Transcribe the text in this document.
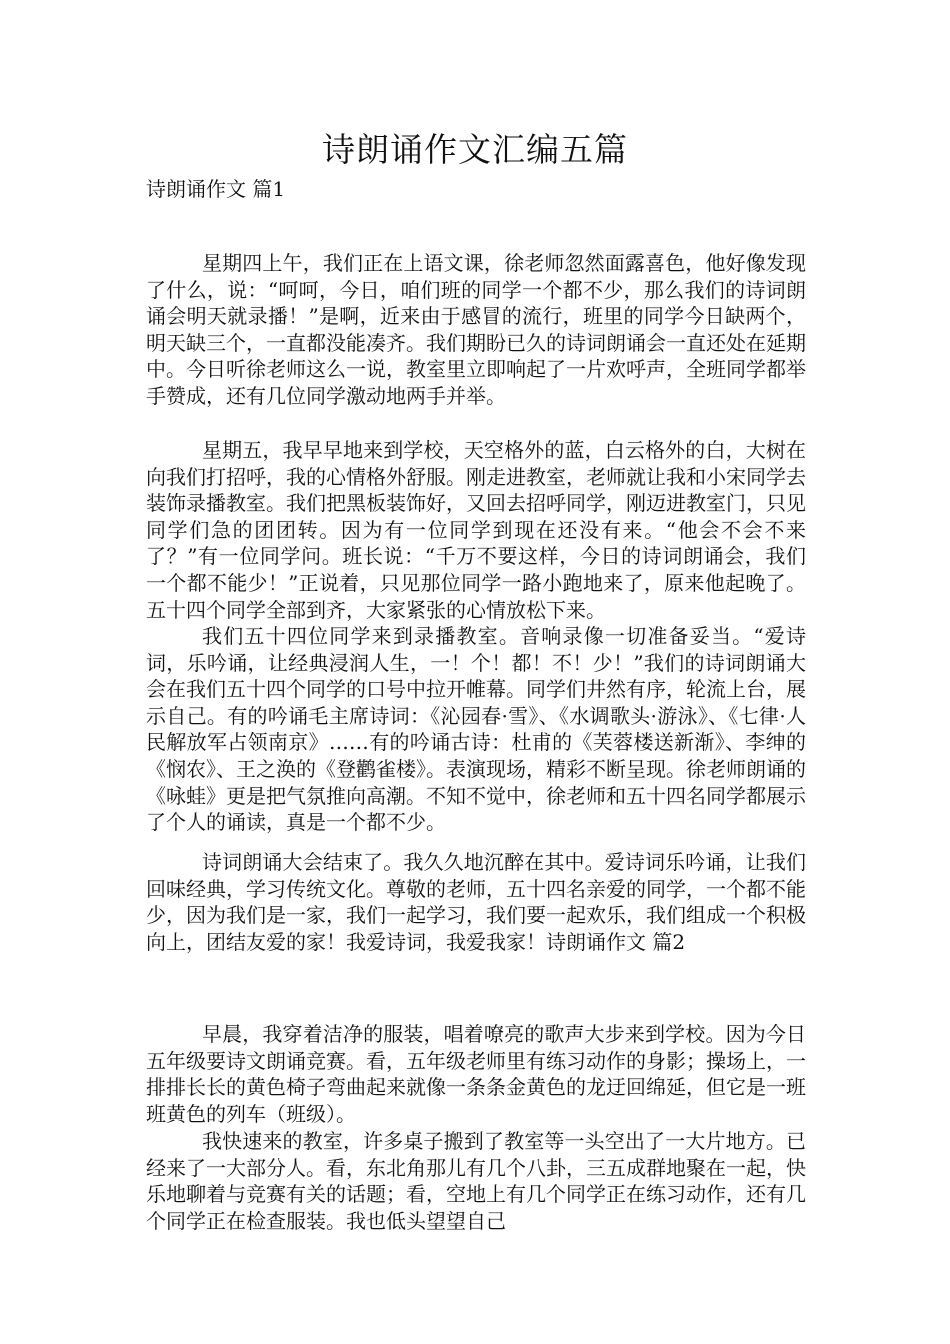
诗朗诵作文汇编五篇
诗朗诵作文 篇1

星期四上午，我们正在上语文课，徐老师忽然面露喜色，他好像发现了什么，说：“呵呵，今日，咱们班的同学一个都不少，那么我们的诗词朗诵会明天就录播！”是啊，近来由于感冒的流行，班里的同学今日缺两个，明天缺三个，一直都没能凑齐。我们期盼已久的诗词朗诵会一直还处在延期中。今日听徐老师这么一说，教室里立即响起了一片欢呼声，全班同学都举手赞成，还有几位同学激动地两手并举。

星期五，我早早地来到学校，天空格外的蓝，白云格外的白，大树在向我们打招呼，我的心情格外舒服。刚走进教室，老师就让我和小宋同学去装饰录播教室。我们把黑板装饰好，又回去招呼同学，刚迈进教室门，只见同学们急的团团转。因为有一位同学到现在还没有来。“他会不会不来了？”有一位同学问。班长说：“千万不要这样，今日的诗词朗诵会，我们一个都不能少！”正说着，只见那位同学一路小跑地来了，原来他起晚了。五十四个同学全部到齐，大家紧张的心情放松下来。

我们五十四位同学来到录播教室。音响录像一切准备妥当。“爱诗词，乐吟诵，让经典浸润人生，一！个！都！不！少！”我们的诗词朗诵大会在我们五十四个同学的口号中拉开帷幕。同学们井然有序，轮流上台，展示自己。有的吟诵毛主席诗词：《沁园春·雪》、《水调歌头·游泳》、《七律·人民解放军占领南京》……有的吟诵古诗：杜甫的《芙蓉楼送新渐》、李绅的《悯农》、王之涣的《登鹳雀楼》。表演现场，精彩不断呈现。徐老师朗诵的《咏蛙》更是把气氛推向高潮。不知不觉中，徐老师和五十四名同学都展示了个人的诵读，真是一个都不少。

诗词朗诵大会结束了。我久久地沉醉在其中。爱诗词乐吟诵，让我们回味经典，学习传统文化。尊敬的老师，五十四名亲爱的同学，一个都不能少，因为我们是一家，我们一起学习，我们要一起欢乐，我们组成一个积极向上，团结友爱的家！我爱诗词，我爱我家！诗朗诵作文 篇2

早晨，我穿着洁净的服装，唱着嘹亮的歌声大步来到学校。因为今日五年级要诗文朗诵竞赛。看，五年级老师里有练习动作的身影；操场上，一排排长长的黄色椅子弯曲起来就像一条条金黄色的龙迂回绵延，但它是一班班黄色的列车（班级）。

我快速来的教室，许多桌子搬到了教室等一头空出了一大片地方。已经来了一大部分人。看，东北角那儿有几个八卦，三五成群地聚在一起，快乐地聊着与竞赛有关的话题；看，空地上有几个同学正在练习动作，还有几个同学正在检查服装。我也低头望望自己
